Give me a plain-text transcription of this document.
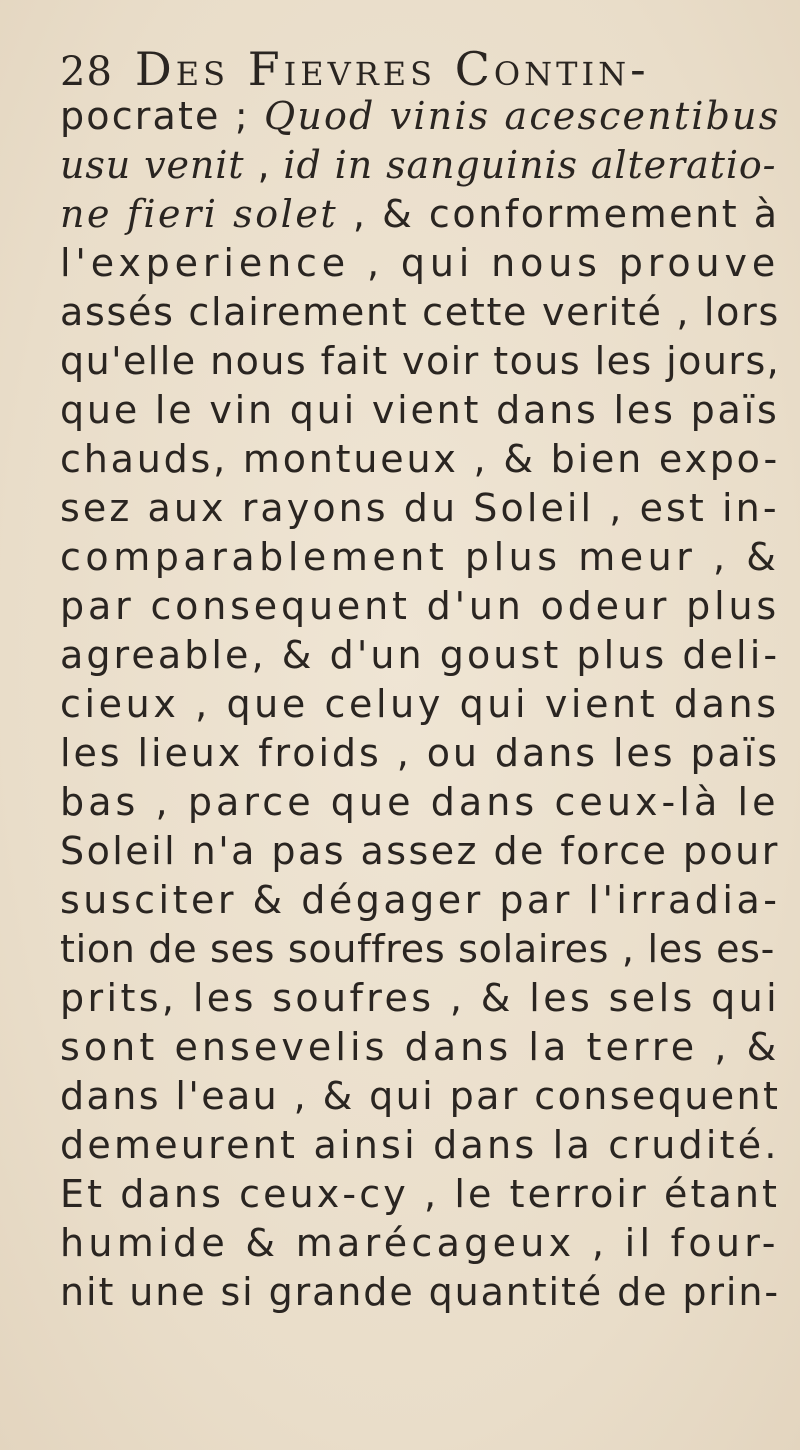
28 Des Fievres Contin-
pocrate ; Quod vinis acescentibus
usu venit , id in sanguinis alteratio-
ne fieri solet , & conformement à
l'experience , qui nous prouve
assés clairement cette verité , lors
qu'elle nous fait voir tous les jours,
que le vin qui vient dans les païs
chauds, montueux , & bien expo-
sez aux rayons du Soleil , est in-
comparablement plus meur , &
par consequent d'un odeur plus
agreable, & d'un goust plus deli-
cieux , que celuy qui vient dans
les lieux froids , ou dans les païs
bas , parce que dans ceux-là le
Soleil n'a pas assez de force pour
susciter & dégager par l'irradia-
tion de ses souffres solaires , les es-
prits, les soufres , & les sels qui
sont ensevelis dans la terre , &
dans l'eau , & qui par consequent
demeurent ainsi dans la crudité.
Et dans ceux-cy , le terroir étant
humide & marécageux , il four-
nit une si grande quantité de prin-
